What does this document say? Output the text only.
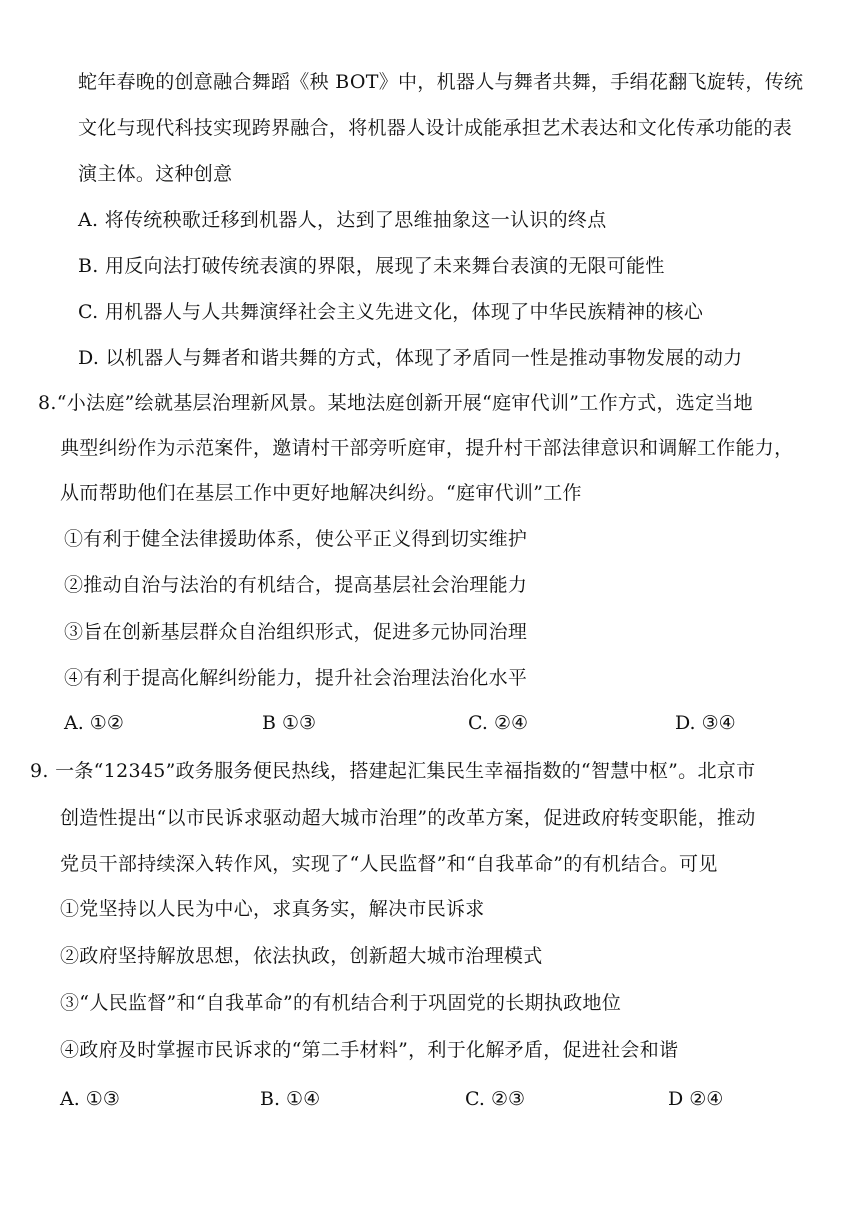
蛇年春晚的创意融合舞蹈《秧 BOT》中，机器人与舞者共舞，手绢花翻飞旋转，传统
文化与现代科技实现跨界融合，将机器人设计成能承担艺术表达和文化传承功能的表
演主体。这种创意
A. 将传统秧歌迁移到机器人，达到了思维抽象这一认识的终点
B. 用反向法打破传统表演的界限，展现了未来舞台表演的无限可能性
C. 用机器人与人共舞演绎社会主义先进文化，体现了中华民族精神的核心
D. 以机器人与舞者和谐共舞的方式，体现了矛盾同一性是推动事物发展的动力
8.“小法庭”绘就基层治理新风景。某地法庭创新开展“庭审代训”工作方式，选定当地
典型纠纷作为示范案件，邀请村干部旁听庭审，提升村干部法律意识和调解工作能力，
从而帮助他们在基层工作中更好地解决纠纷。“庭审代训”工作
①有利于健全法律援助体系，使公平正义得到切实维护
②推动自治与法治的有机结合，提高基层社会治理能力
③旨在创新基层群众自治组织形式，促进多元协同治理
④有利于提高化解纠纷能力，提升社会治理法治化水平
A. ①②	B ①③	C. ②④	D. ③④
9. 一条“12345”政务服务便民热线，搭建起汇集民生幸福指数的“智慧中枢”。北京市
创造性提出“以市民诉求驱动超大城市治理”的改革方案，促进政府转变职能，推动
党员干部持续深入转作风，实现了“人民监督”和“自我革命”的有机结合。可见
①党坚持以人民为中心，求真务实，解决市民诉求
②政府坚持解放思想，依法执政，创新超大城市治理模式
③“人民监督”和“自我革命”的有机结合利于巩固党的长期执政地位
④政府及时掌握市民诉求的“第二手材料”，利于化解矛盾，促进社会和谐
A. ①③	B. ①④	C. ②③	D ②④
